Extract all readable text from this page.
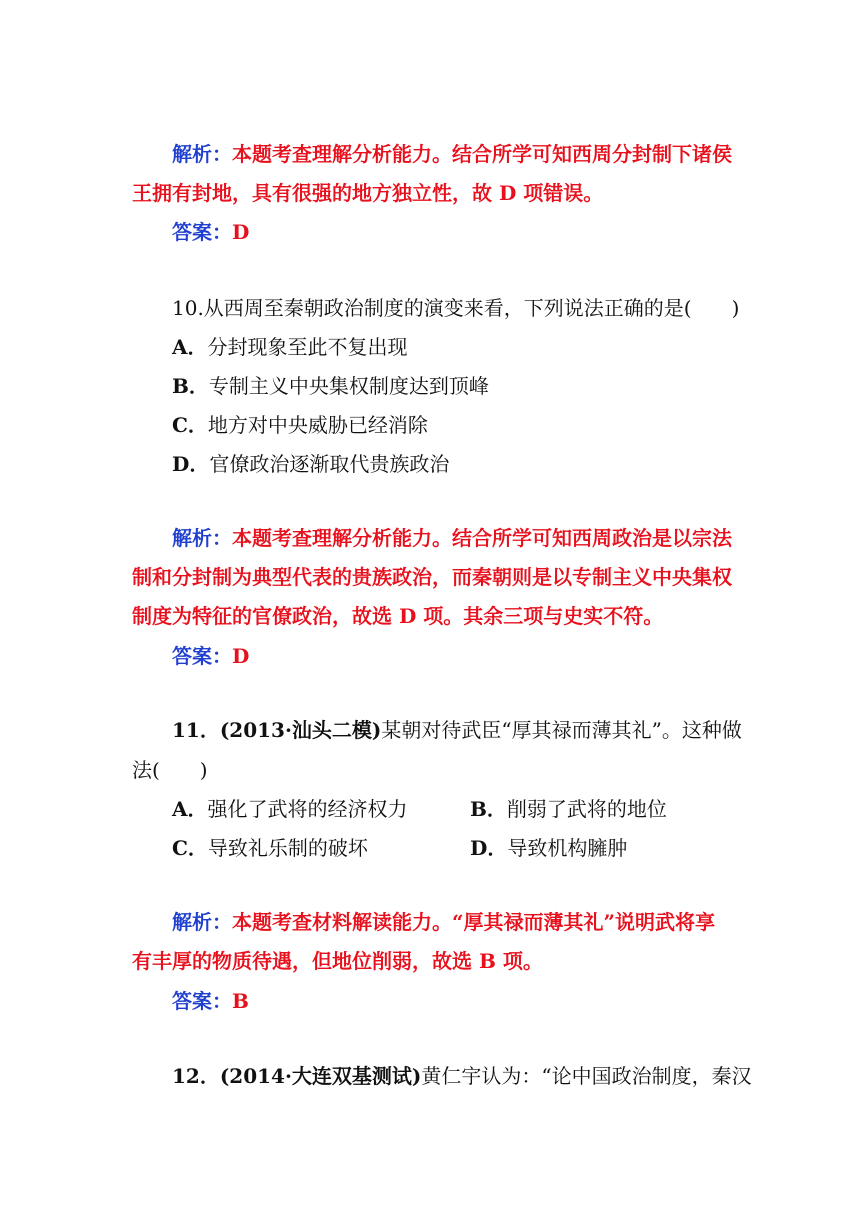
解析：本题考查理解分析能力。结合所学可知西周分封制下诸侯
王拥有封地，具有很强的地方独立性，故 D 项错误。
答案：D
10.从西周至秦朝政治制度的演变来看，下列说法正确的是(　　)
A．分封现象至此不复出现
B．专制主义中央集权制度达到顶峰
C．地方对中央威胁已经消除
D．官僚政治逐渐取代贵族政治
解析：本题考查理解分析能力。结合所学可知西周政治是以宗法
制和分封制为典型代表的贵族政治，而秦朝则是以专制主义中央集权
制度为特征的官僚政治，故选 D 项。其余三项与史实不符。
答案：D
11．(2013·汕头二模)某朝对待武臣“厚其禄而薄其礼”。这种做
法(　　)
A．强化了武将的经济权力	B．削弱了武将的地位
C．导致礼乐制的破坏	D．导致机构臃肿
解析：本题考查材料解读能力。“厚其禄而薄其礼”说明武将享
有丰厚的物质待遇，但地位削弱，故选 B 项。
答案：B
12．(2014·大连双基测试)黄仁宇认为：“论中国政治制度，秦汉
